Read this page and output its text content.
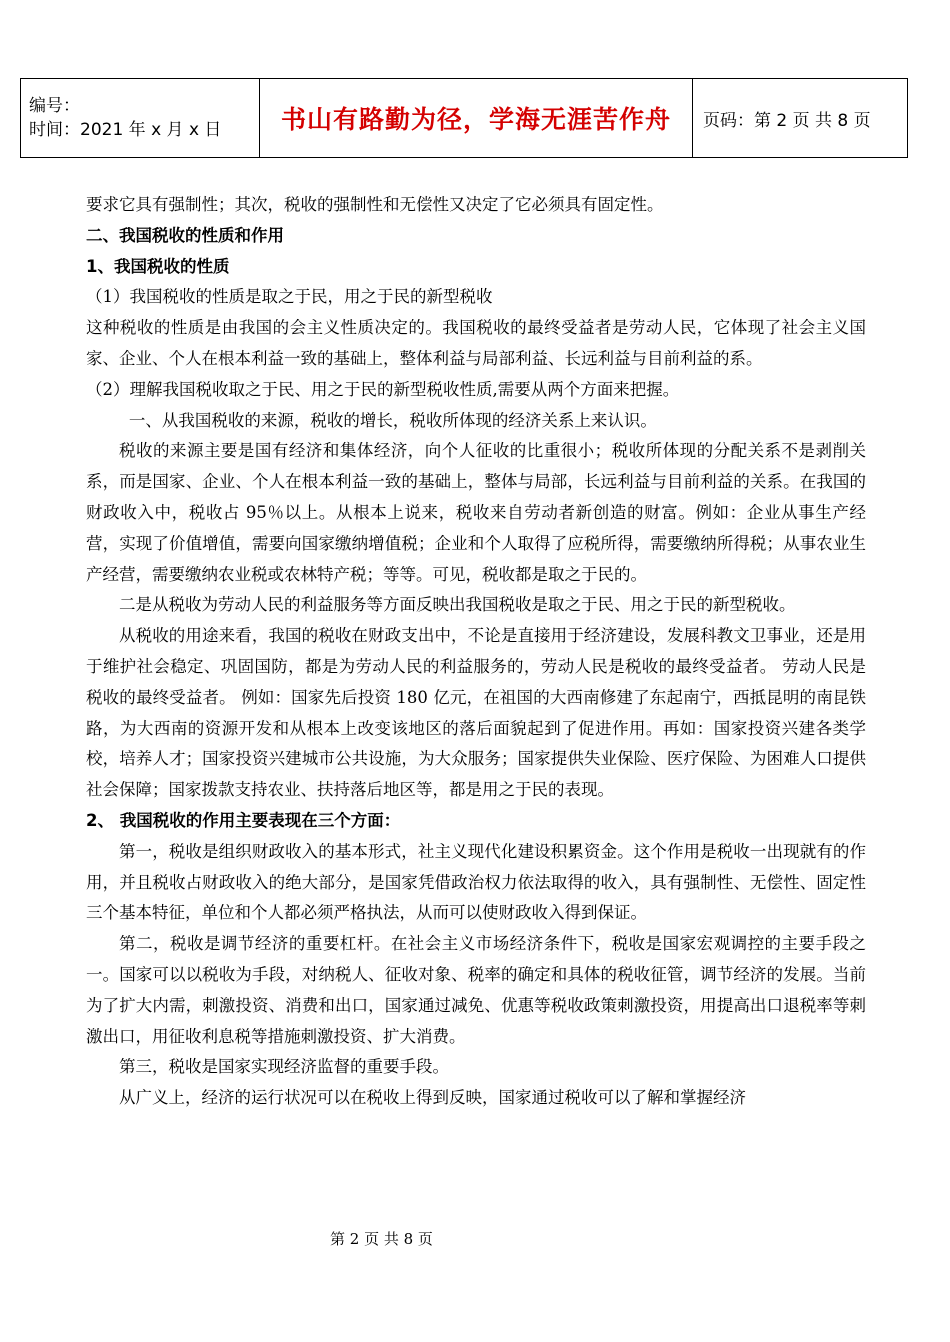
编号：
时间：2021 年 x 月 x 日	书山有路勤为径，学海无涯苦作舟	页码：第 2 页 共 8 页

要求它具有强制性；其次，税收的强制性和无偿性又决定了它必须具有固定性。

二、我国税收的性质和作用

1、我国税收的性质

（1）我国税收的性质是取之于民，用之于民的新型税收

这种税收的性质是由我国的会主义性质决定的。我国税收的最终受益者是劳动人民，它体现了社会主义国家、企业、个人在根本利益一致的基础上，整体利益与局部利益、长远利益与目前利益的系。

（2）理解我国税收取之于民、用之于民的新型税收性质,需要从两个方面来把握。

一、从我国税收的来源，税收的增长，税收所体现的经济关系上来认识。

税收的来源主要是国有经济和集体经济，向个人征收的比重很小；税收所体现的分配关系不是剥削关系，而是国家、企业、个人在根本利益一致的基础上，整体与局部，长远利益与目前利益的关系。在我国的财政收入中，税收占 95％以上。从根本上说来，税收来自劳动者新创造的财富。例如：企业从事生产经营，实现了价值增值，需要向国家缴纳增值税；企业和个人取得了应税所得，需要缴纳所得税；从事农业生产经营，需要缴纳农业税或农林特产税；等等。可见，税收都是取之于民的。

二是从税收为劳动人民的利益服务等方面反映出我国税收是取之于民、用之于民的新型税收。

从税收的用途来看，我国的税收在财政支出中，不论是直接用于经济建设，发展科教文卫事业，还是用于维护社会稳定、巩固国防，都是为劳动人民的利益服务的，劳动人民是税收的最终受益者。 劳动人民是税收的最终受益者。 例如：国家先后投资 180 亿元，在祖国的大西南修建了东起南宁，西抵昆明的南昆铁路，为大西南的资源开发和从根本上改变该地区的落后面貌起到了促进作用。再如：国家投资兴建各类学校，培养人才；国家投资兴建城市公共设施，为大众服务；国家提供失业保险、医疗保险、为困难人口提供社会保障；国家拨款支持农业、扶持落后地区等，都是用之于民的表现。

2、 我国税收的作用主要表现在三个方面：

第一，税收是组织财政收入的基本形式，社主义现代化建设积累资金。这个作用是税收一出现就有的作用，并且税收占财政收入的绝大部分，是国家凭借政治权力依法取得的收入，具有强制性、无偿性、固定性三个基本特征，单位和个人都必须严格执法，从而可以使财政收入得到保证。

第二，税收是调节经济的重要杠杆。在社会主义市场经济条件下，税收是国家宏观调控的主要手段之一。国家可以以税收为手段，对纳税人、征收对象、税率的确定和具体的税收征管，调节经济的发展。当前为了扩大内需，刺激投资、消费和出口，国家通过减免、优惠等税收政策刺激投资，用提高出口退税率等刺激出口，用征收利息税等措施刺激投资、扩大消费。

第三，税收是国家实现经济监督的重要手段。

从广义上，经济的运行状况可以在税收上得到反映，国家通过税收可以了解和掌握经济

第 2 页 共 8 页
